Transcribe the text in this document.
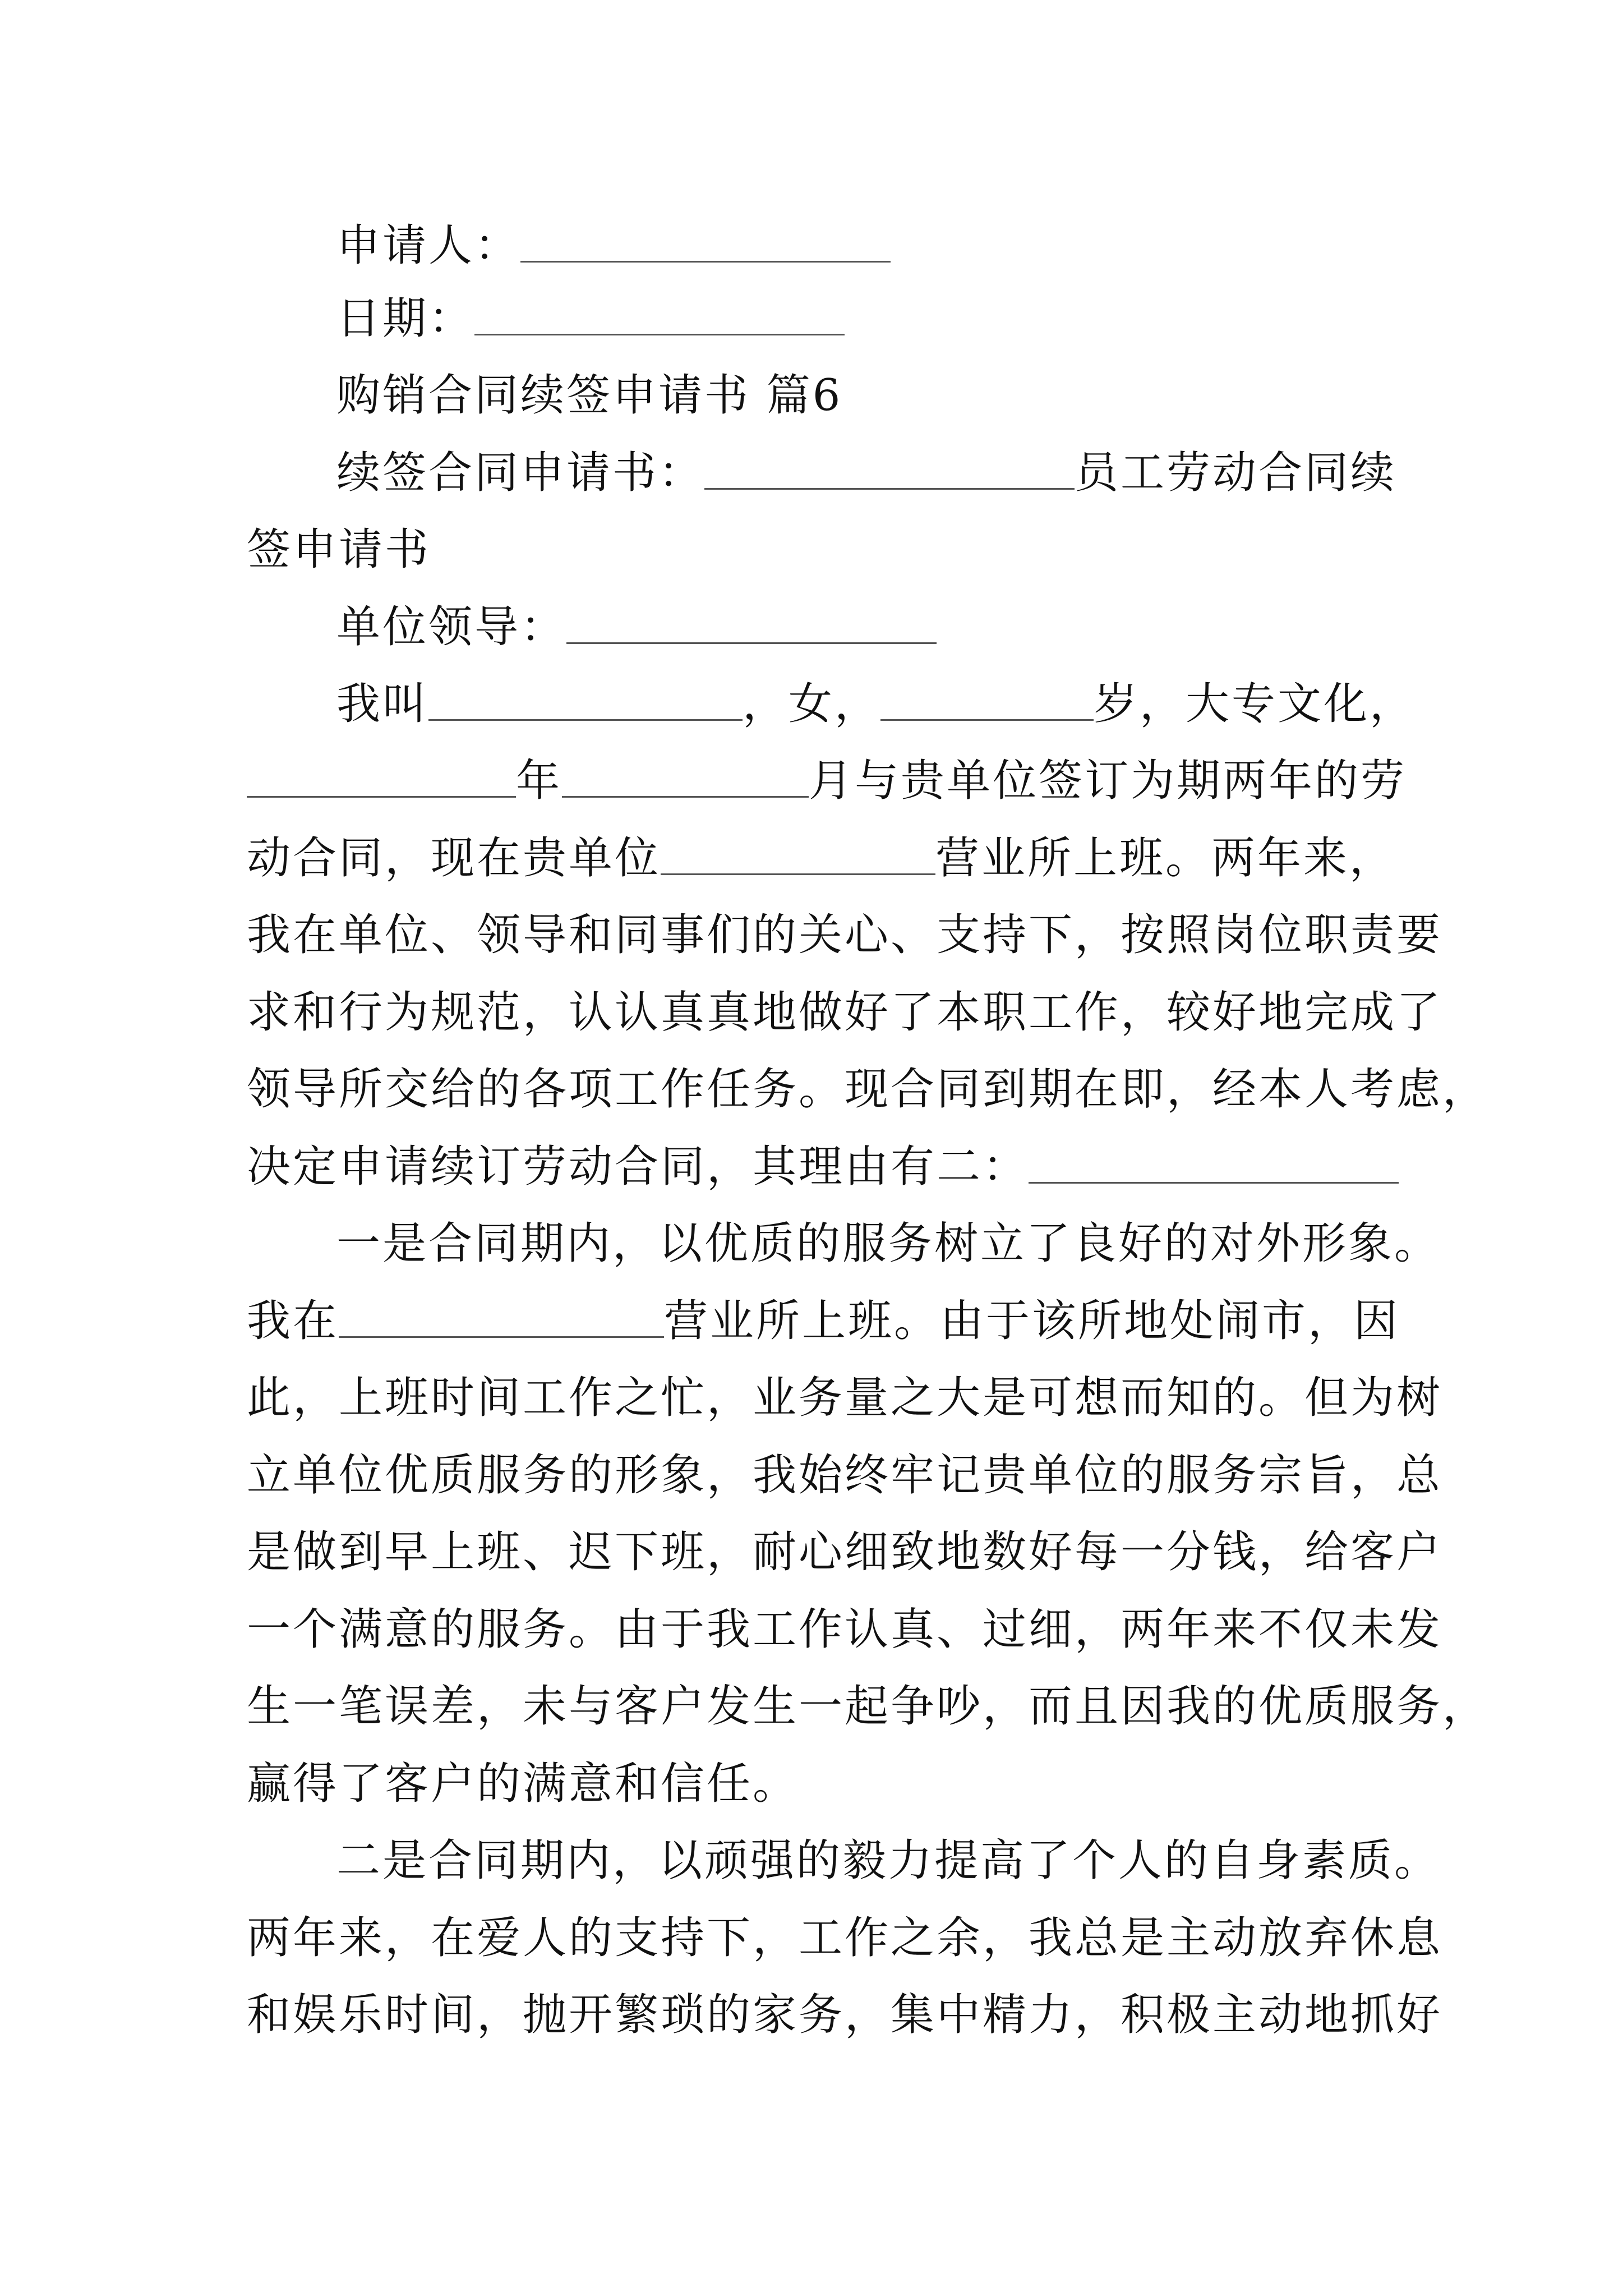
申请人：
日期：
购销合同续签申请书 篇6
续签合同申请书：	员工劳动合同续
签申请书
单位领导：
我叫	，女，	岁，大专文化，
年	月与贵单位签订为期两年的劳
动合同，现在贵单位	营业所上班。两年来，
我在单位、领导和同事们的关心、支持下，按照岗位职责要
求和行为规范，认认真真地做好了本职工作，较好地完成了
领导所交给的各项工作任务。现合同到期在即，经本人考虑，
决定申请续订劳动合同，其理由有二：
一是合同期内，以优质的服务树立了良好的对外形象。
我在	营业所上班。由于该所地处闹市，因
此，上班时间工作之忙，业务量之大是可想而知的。但为树
立单位优质服务的形象，我始终牢记贵单位的服务宗旨，总
是做到早上班、迟下班，耐心细致地数好每一分钱，给客户
一个满意的服务。由于我工作认真、过细，两年来不仅未发
生一笔误差，未与客户发生一起争吵，而且因我的优质服务，
赢得了客户的满意和信任。
二是合同期内，以顽强的毅力提高了个人的自身素质。
两年来，在爱人的支持下，工作之余，我总是主动放弃休息
和娱乐时间，抛开繁琐的家务，集中精力，积极主动地抓好
